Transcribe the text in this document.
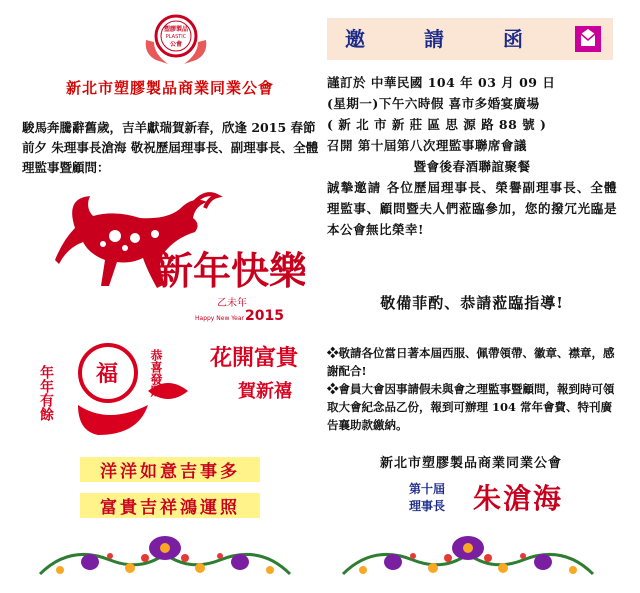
塑膠製品
PLASTIC
公會
新北市塑膠製品商業同業公會
駿馬奔騰辭舊歲，吉羊獻瑞賀新春，欣逢 2015 春節前夕 朱理事長滄海 敬祝歷屆理事長、副理事長、全體理監事暨顧問：
新年快樂
乙未年
Happy New Year 2015
年年有餘 福	恭喜發財 花開富貴
賀新禧
洋洋如意吉事多
富貴吉祥鴻運照
邀 請 函

謹訂於 中華民國 104 年 03 月 09 日

(星期一)下午六時假 喜市多婚宴廣場

( 新 北 市 新 莊 區 思 源 路 88 號 )

召開 第十屆第八次理監事聯席會議

暨會後春酒聯誼聚餐

誠摯邀請 各位歷屆理事長、榮譽副理事長、全體理監事、顧問暨夫人們蒞臨參加，您的撥冗光臨是本公會無比榮幸!

敬備菲酌、恭請蒞臨指導!

❖敬請各位當日著本屆西服、佩帶領帶、徽章、襟章，感謝配合!

❖會員大會因事請假未與會之理監事暨顧問，報到時可領取大會紀念品乙份，報到可辦理 104 常年會費、特刊廣告襄助款繳納。

新北市塑膠製品商業同業公會
第十屆
理事長	朱滄海
